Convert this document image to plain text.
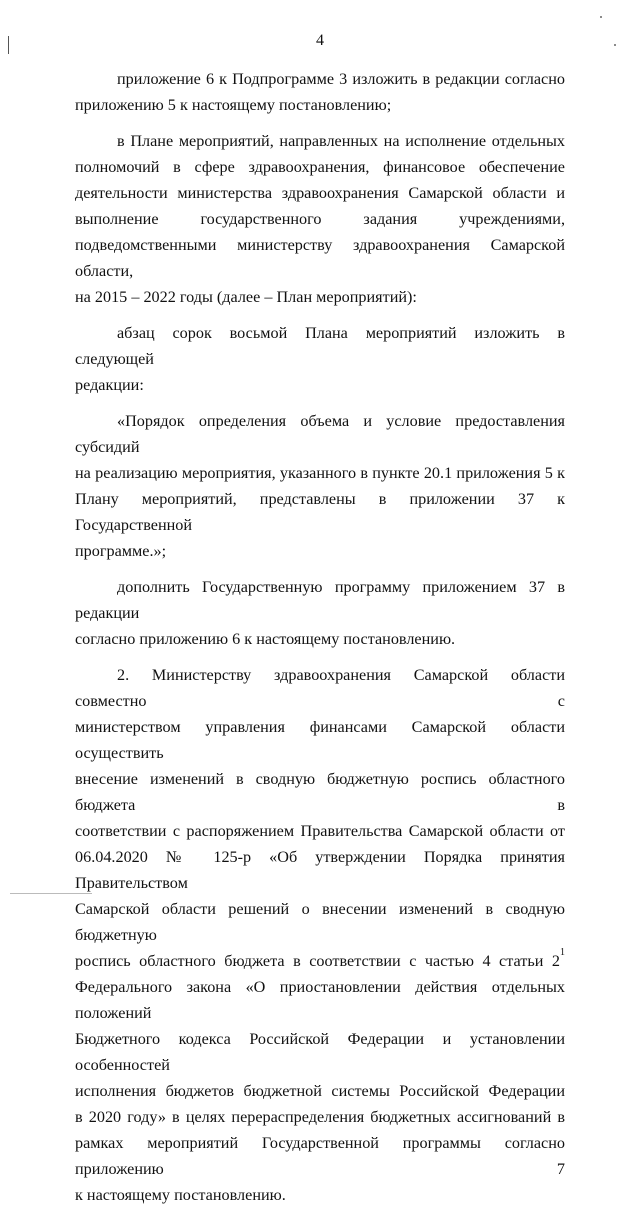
4

приложение 6 к Подпрограмме 3 изложить в редакции согласно
приложению 5 к настоящему постановлению;

в Плане мероприятий, направленных на исполнение отдельных
полномочий в сфере здравоохранения, финансовое обеспечение
деятельности министерства здравоохранения Самарской области и
выполнение государственного задания учреждениями,
подведомственными министерству здравоохранения Самарской области,
на 2015 – 2022 годы (далее – План мероприятий):

абзац сорок восьмой Плана мероприятий изложить в следующей
редакции:

«Порядок определения объема и условие предоставления субсидий
на реализацию мероприятия, указанного в пункте 20.1 приложения 5 к
Плану мероприятий, представлены в приложении 37 к Государственной
программе.»;

дополнить Государственную программу приложением 37 в редакции
согласно приложению 6 к настоящему постановлению.

2. Министерству здравоохранения Самарской области совместно с
министерством управления финансами Самарской области осуществить
внесение изменений в сводную бюджетную роспись областного бюджета в
соответствии с распоряжением Правительства Самарской области от
06.04.2020 № 125-р «Об утверждении Порядка принятия Правительством
Самарской области решений о внесении изменений в сводную бюджетную
роспись областного бюджета в соответствии с частью 4 статьи $2^1$
Федерального закона «О приостановлении действия отдельных положений
Бюджетного кодекса Российской Федерации и установлении особенностей
исполнения бюджетов бюджетной системы Российской Федерации
в 2020 году» в целях перераспределения бюджетных ассигнований в
рамках мероприятий Государственной программы согласно приложению 7
к настоящему постановлению.
